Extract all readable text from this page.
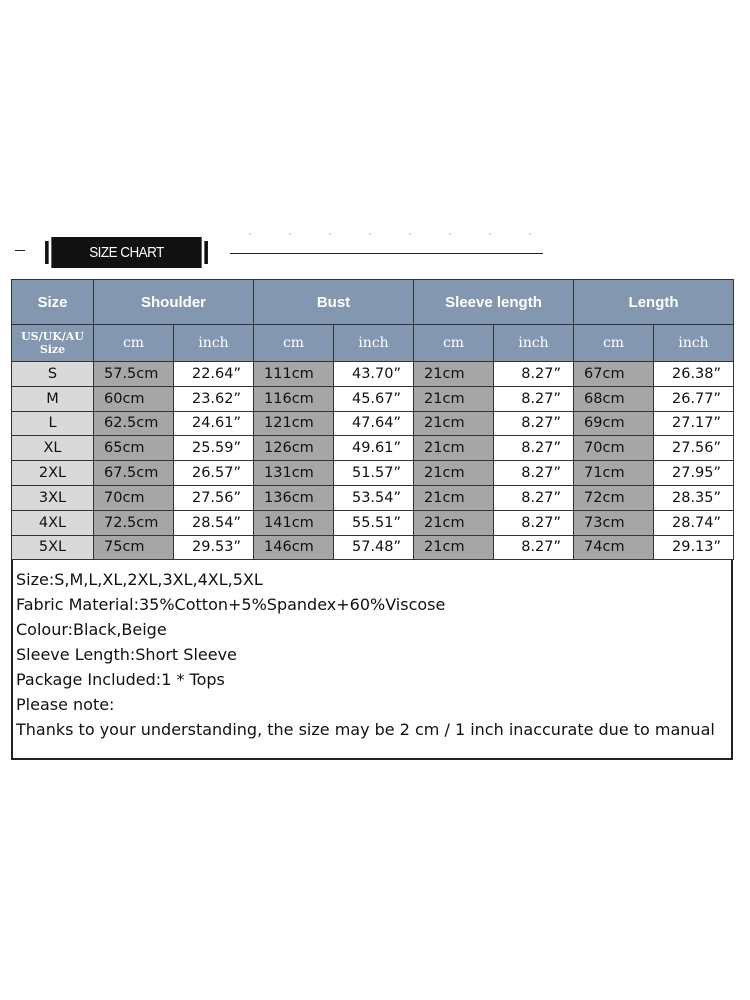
SIZE CHART
Size	Shoulder		Bust		Sleeve length		Length	
US/UK/AU Size	cm	inch	cm	inch	cm	inch	cm	inch
S	57.5cm	22.64”	111cm	43.70”	21cm	8.27”	67cm	26.38”
M	60cm	23.62”	116cm	45.67”	21cm	8.27”	68cm	26.77”
L	62.5cm	24.61”	121cm	47.64”	21cm	8.27”	69cm	27.17”
XL	65cm	25.59”	126cm	49.61”	21cm	8.27”	70cm	27.56”
2XL	67.5cm	26.57”	131cm	51.57”	21cm	8.27”	71cm	27.95”
3XL	70cm	27.56”	136cm	53.54”	21cm	8.27”	72cm	28.35”
4XL	72.5cm	28.54”	141cm	55.51”	21cm	8.27”	73cm	28.74”
5XL	75cm	29.53”	146cm	57.48”	21cm	8.27”	74cm	29.13”
Size:S,M,L,XL,2XL,3XL,4XL,5XL
Fabric Material:35%Cotton+5%Spandex+60%Viscose
Colour:Black,Beige
Sleeve Length:Short Sleeve
Package Included:1 * Tops
Please note:
Thanks to your understanding, the size may be 2 cm / 1 inch inaccurate due to manual
